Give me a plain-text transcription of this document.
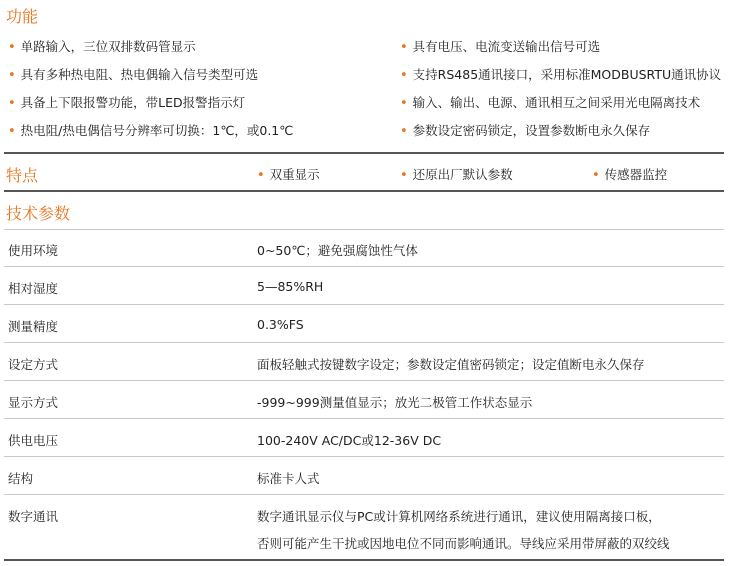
功能
• 单路输入，三位双排数码管显示
• 具有多种热电阻、热电偶输入信号类型可选
• 具备上下限报警功能，带LED报警指示灯
• 热电阻/热电偶信号分辨率可切换：1℃，或0.1℃
• 具有电压、电流变送输出信号可选
• 支持RS485通讯接口，采用标准MODBUSRTU通讯协议
• 输入、输出、电源、通讯相互之间采用光电隔离技术
• 参数设定密码锁定，设置参数断电永久保存
特点	• 双重显示	• 还原出厂默认参数	• 传感器监控
技术参数
使用环境	0~50℃；避免强腐蚀性气体
相对湿度	5—85%RH
测量精度	0.3%FS
设定方式	面板轻触式按键数字设定；参数设定值密码锁定；设定值断电永久保存
显示方式	-999~999测量值显示；放光二极管工作状态显示
供电电压	100-240V AC/DC或12-36V DC
结构	标准卡人式
数字通讯	数字通讯显示仪与PC或计算机网络系统进行通讯，建议使用隔离接口板，
否则可能产生干扰或因地电位不同而影响通讯。导线应采用带屏蔽的双绞线
